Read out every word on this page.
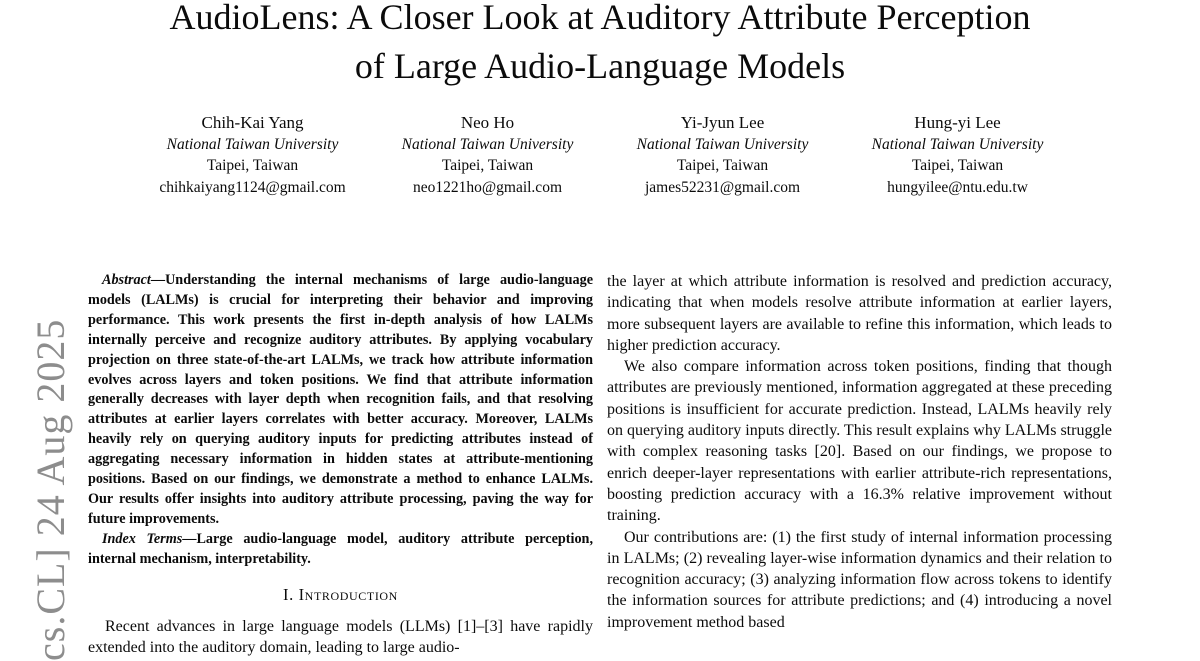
cs.CL] 24 Aug 2025
AudioLens: A Closer Look at Auditory Attribute Perception
of Large Audio-Language Models
Chih-Kai Yang
National Taiwan University
Taipei, Taiwan
chihkaiyang1124@gmail.com
Neo Ho
National Taiwan University
Taipei, Taiwan
neo1221ho@gmail.com
Yi-Jyun Lee
National Taiwan University
Taipei, Taiwan
james52231@gmail.com
Hung-yi Lee
National Taiwan University
Taipei, Taiwan
hungyilee@ntu.edu.tw

Abstract—Understanding the internal mechanisms of large audio-language models (LALMs) is crucial for interpreting their behavior and improving performance. This work presents the first in-depth analysis of how LALMs internally perceive and recognize auditory attributes. By applying vocabulary projection on three state-of-the-art LALMs, we track how attribute information evolves across layers and token positions. We find that attribute information generally decreases with layer depth when recognition fails, and that resolving attributes at earlier layers correlates with better accuracy. Moreover, LALMs heavily rely on querying auditory inputs for predicting attributes instead of aggregating necessary information in hidden states at attribute-mentioning positions. Based on our findings, we demonstrate a method to enhance LALMs. Our results offer insights into auditory attribute processing, paving the way for future improvements.

Index Terms—Large audio-language model, auditory attribute perception, internal mechanism, interpretability.

I. Introduction

Recent advances in large language models (LLMs) [1]–[3] have rapidly extended into the auditory domain, leading to large audio-

the layer at which attribute information is resolved and prediction accuracy, indicating that when models resolve attribute information at earlier layers, more subsequent layers are available to refine this information, which leads to higher prediction accuracy.

We also compare information across token positions, finding that though attributes are previously mentioned, information aggregated at these preceding positions is insufficient for accurate prediction. Instead, LALMs heavily rely on querying auditory inputs directly. This result explains why LALMs struggle with complex reasoning tasks [20]. Based on our findings, we propose to enrich deeper-layer representations with earlier attribute-rich representations, boosting prediction accuracy with a 16.3% relative improvement without training.

Our contributions are: (1) the first study of internal information processing in LALMs; (2) revealing layer-wise information dynamics and their relation to recognition accuracy; (3) analyzing information flow across tokens to identify the information sources for attribute predictions; and (4) introducing a novel improvement method based
